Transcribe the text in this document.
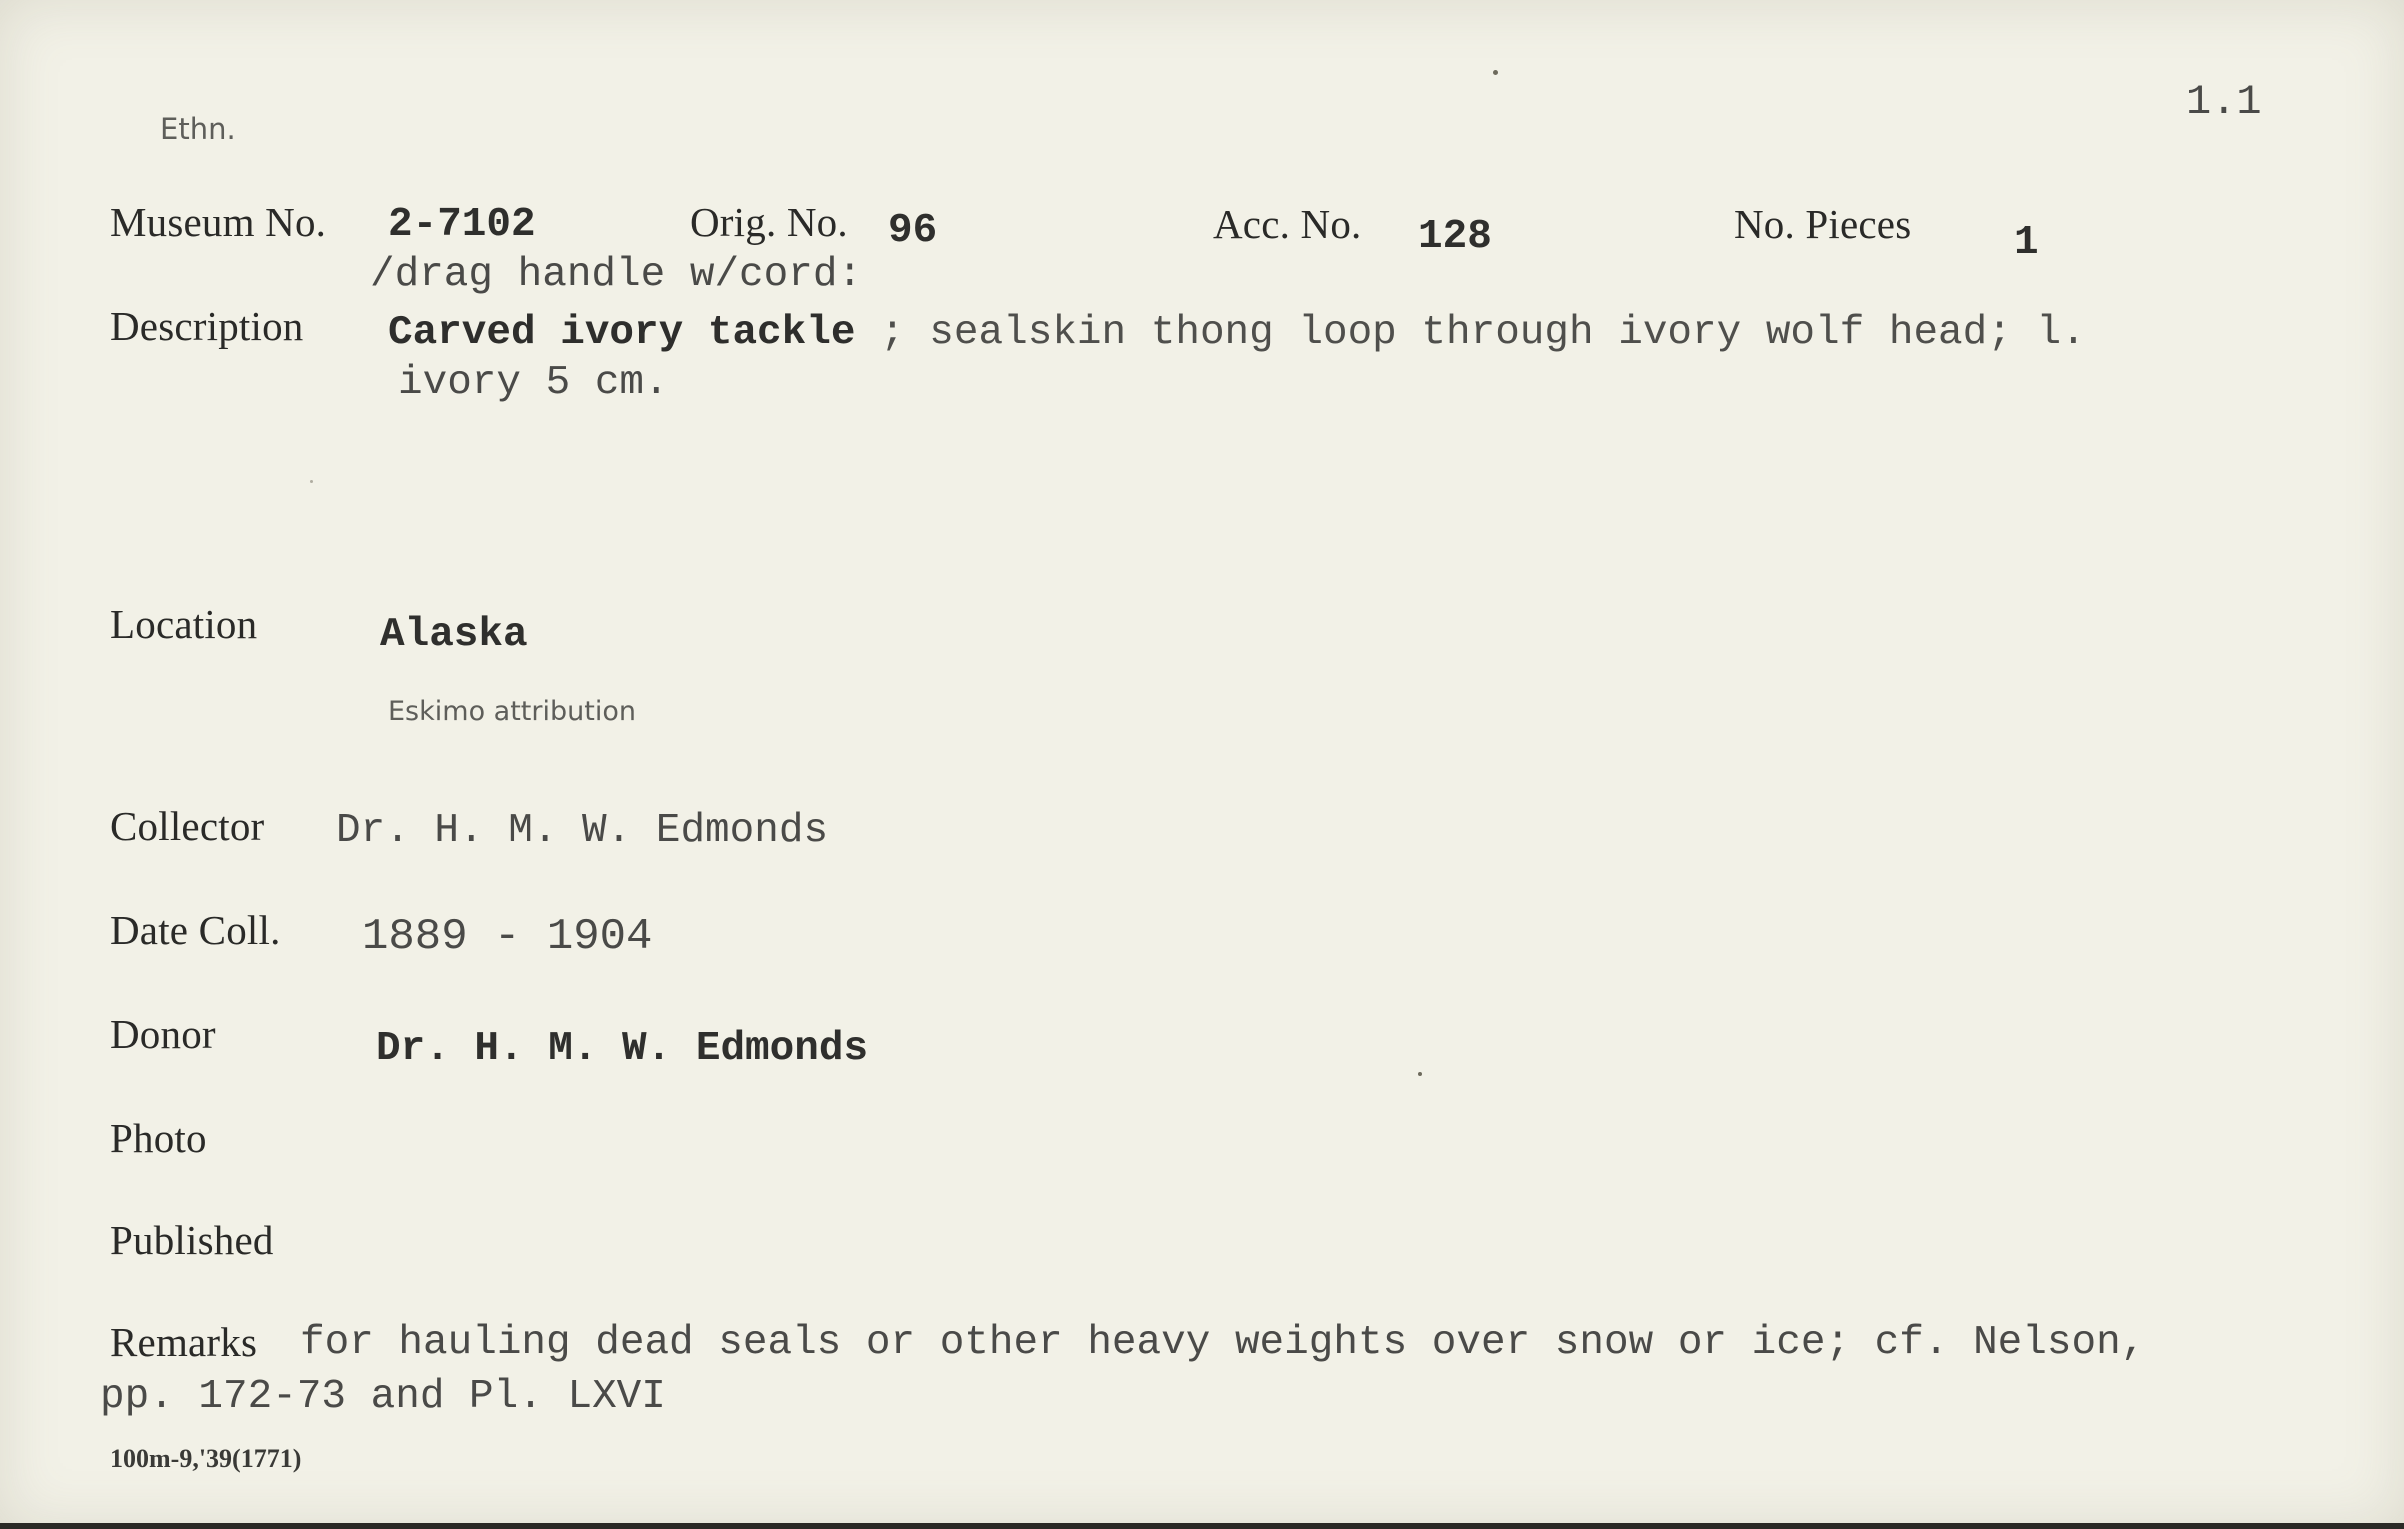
Ethn.
1.1
Museum No. 2-7102	Orig. No. 96	Acc. No. 128	No. Pieces	1
/drag handle w/cord:
Description Carved ivory tackle ; sealskin thong loop through ivory wolf head; l.
ivory 5 cm.
Location	Alaska
Eskimo attribution
Collector Dr. H. M. W. Edmonds
Date Coll. 1889 - 1904
Donor	Dr. H. M. W. Edmonds
Photo
Published
Remarks for hauling dead seals or other heavy weights over snow or ice; cf. Nelson,
pp. 172-73 and Pl. LXVI
100m-9,'39(1771)
